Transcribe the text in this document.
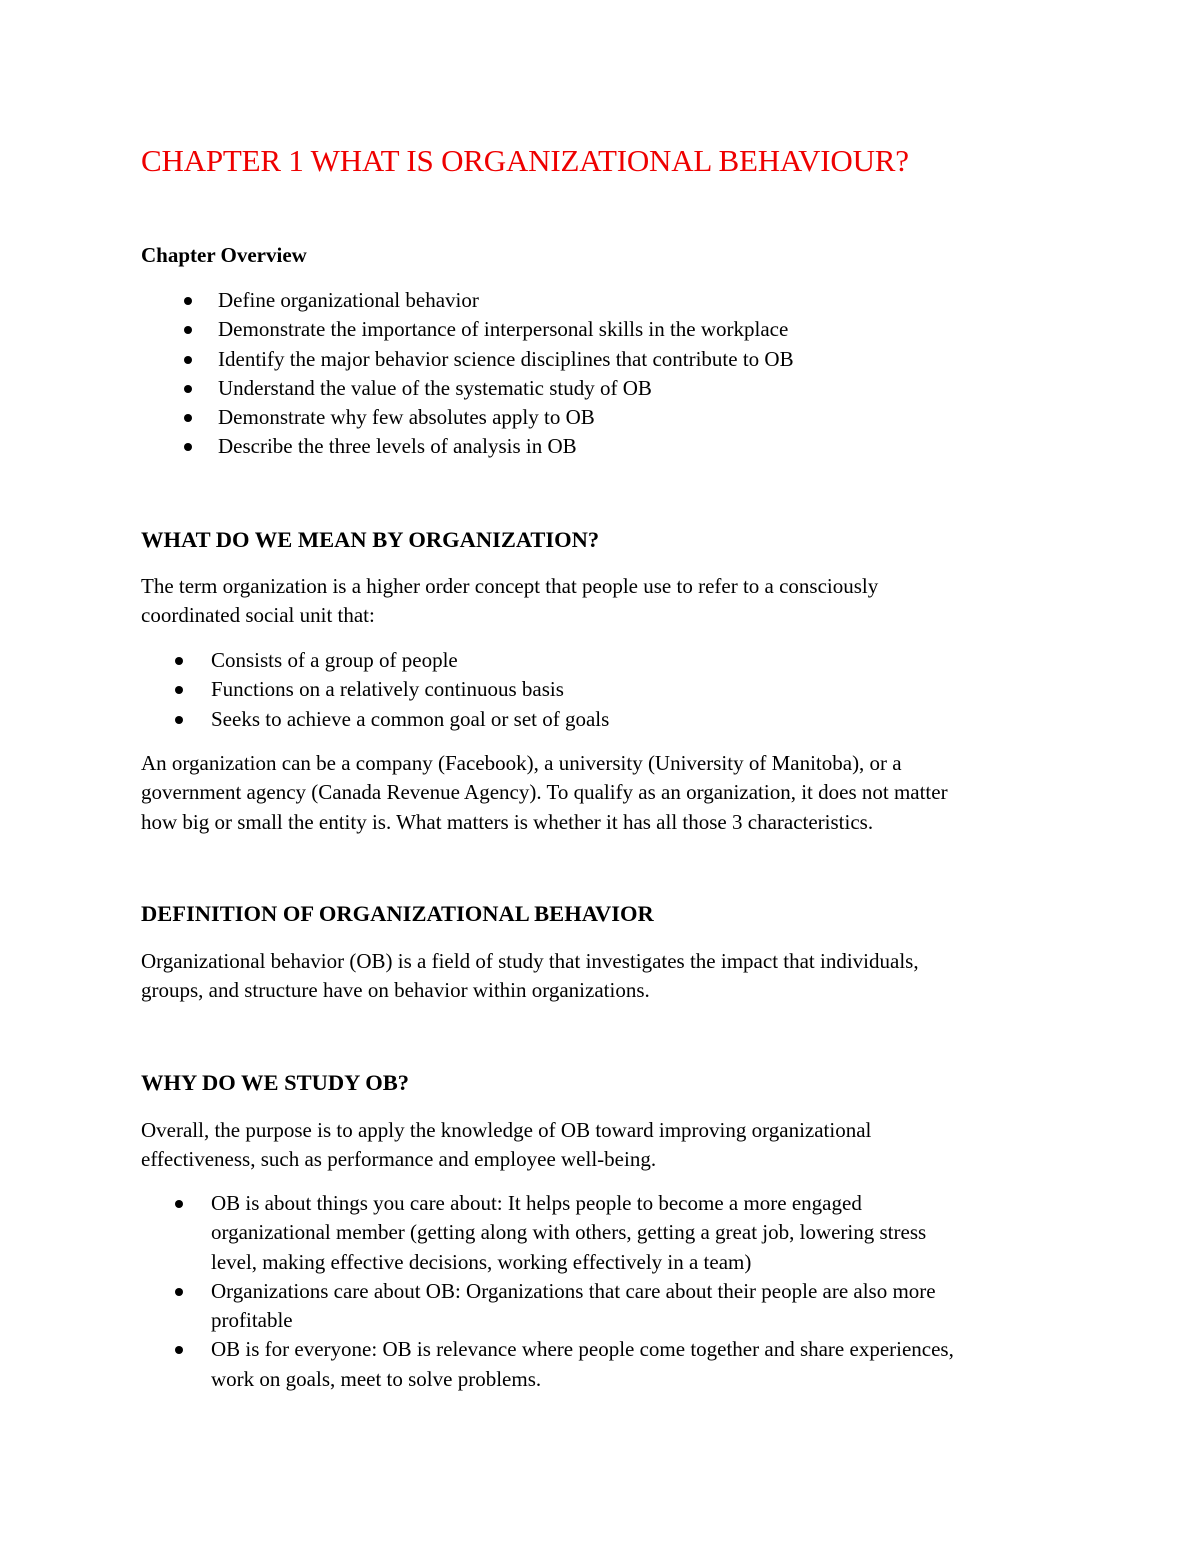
CHAPTER 1 WHAT IS ORGANIZATIONAL BEHAVIOUR?
Chapter Overview
Define organizational behavior
Demonstrate the importance of interpersonal skills in the workplace
Identify the major behavior science disciplines that contribute to OB
Understand the value of the systematic study of OB
Demonstrate why few absolutes apply to OB
Describe the three levels of analysis in OB
WHAT DO WE MEAN BY ORGANIZATION?

The term organization is a higher order concept that people use to refer to a consciously
coordinated social unit that:

Consists of a group of people
Functions on a relatively continuous basis
Seeks to achieve a common goal or set of goals

An organization can be a company (Facebook), a university (University of Manitoba), or a
government agency (Canada Revenue Agency). To qualify as an organization, it does not matter
how big or small the entity is. What matters is whether it has all those 3 characteristics.

DEFINITION OF ORGANIZATIONAL BEHAVIOR

Organizational behavior (OB) is a field of study that investigates the impact that individuals,
groups, and structure have on behavior within organizations.

WHY DO WE STUDY OB?

Overall, the purpose is to apply the knowledge of OB toward improving organizational
effectiveness, such as performance and employee well-being.

OB is about things you care about: It helps people to become a more engaged
organizational member (getting along with others, getting a great job, lowering stress
level, making effective decisions, working effectively in a team)
Organizations care about OB: Organizations that care about their people are also more
profitable
OB is for everyone: OB is relevance where people come together and share experiences,
work on goals, meet to solve problems.
